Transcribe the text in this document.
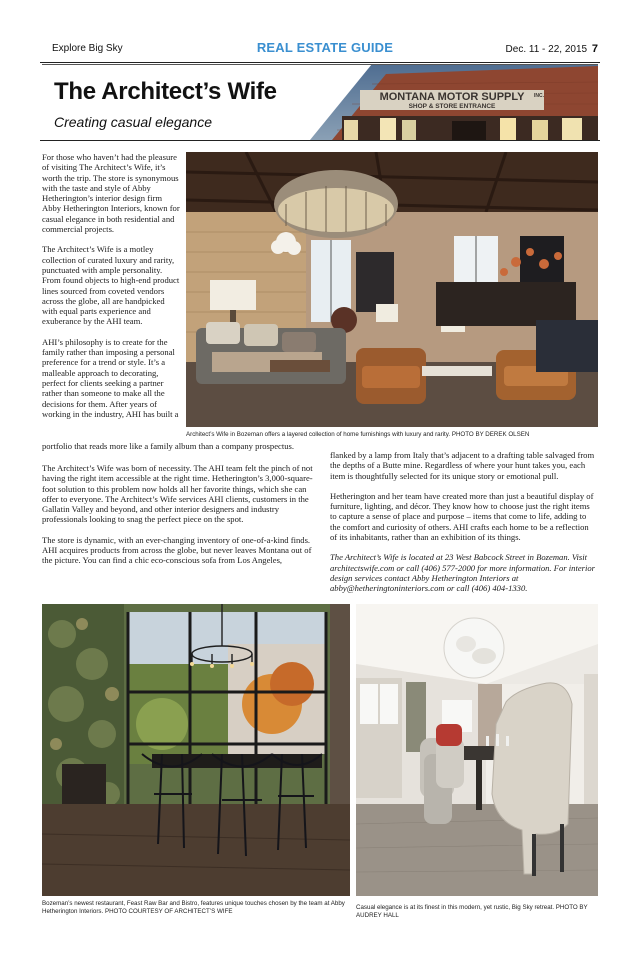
Explore Big Sky	REAL ESTATE GUIDE	Dec. 11 - 22, 2015 7
MONTANA MOTOR SUPPLY INC.
SHOP & STORE ENTRANCE
The Architect’s Wife
Creating casual elegance

For those who haven’t had the pleasure of visiting The Architect’s Wife, it’s worth the trip. The store is synonymous with the taste and style of Abby Hetherington’s interior design firm Abby Hetherington Interiors, known for casual elegance in both residential and commercial projects.

The Architect’s Wife is a motley collection of curated luxury and rarity, punctuated with ample personality. From found objects to high-end product lines sourced from coveted vendors across the globe, all are handpicked with equal parts experience and exuberance by the AHI team.

AHI’s philosophy is to create for the family rather than imposing a personal preference for a trend or style. It’s a malleable approach to decorating, perfect for clients seeking a partner rather than someone to make all the decisions for them. After years of working in the industry, AHI has built a

Architect’s Wife in Bozeman offers a layered collection of home furnishings with luxury and rarity. PHOTO BY DEREK OLSEN

portfolio that reads more like a family album than a company prospectus.

The Architect’s Wife was born of necessity. The AHI team felt the pinch of not having the right item accessible at the right time. Hetherington’s 3,000-square-foot solution to this problem now holds all her favorite things, which she can offer to everyone. The Architect’s Wife services AHI clients, customers in the Gallatin Valley and beyond, and other interior designers and industry professionals looking to snag the perfect piece on the spot.

The store is dynamic, with an ever-changing inventory of one-of-a-kind finds. AHI acquires products from across the globe, but never leaves Montana out of the picture. You can find a chic eco-conscious sofa from Los Angeles,

flanked by a lamp from Italy that’s adjacent to a drafting table salvaged from the depths of a Butte mine. Regardless of where your hunt takes you, each item is thoughtfully selected for its unique story or emotional pull.

Hetherington and her team have created more than just a beautiful display of furniture, lighting, and décor. They know how to choose just the right items to capture a sense of place and purpose – items that come to life, adding to the comfort and curiosity of others. AHI crafts each home to be a reflection of its inhabitants, rather than an exhibition of its things.

The Architect’s Wife is located at 23 West Babcock Street in Bozeman. Visit architectswife.com or call (406) 577-2000 for more information. For interior design services contact Abby Hetherington Interiors at abby@hetheringtoninteriors.com or call (406) 404-1330.

Bozeman’s newest restaurant, Feast Raw Bar and Bistro, features unique touches chosen by the team at Abby Hetherington Interiors. PHOTO COURTESY OF ARCHITECT’S WIFE
Casual elegance is at its finest in this modern, yet rustic, Big Sky retreat. PHOTO BY AUDREY HALL
